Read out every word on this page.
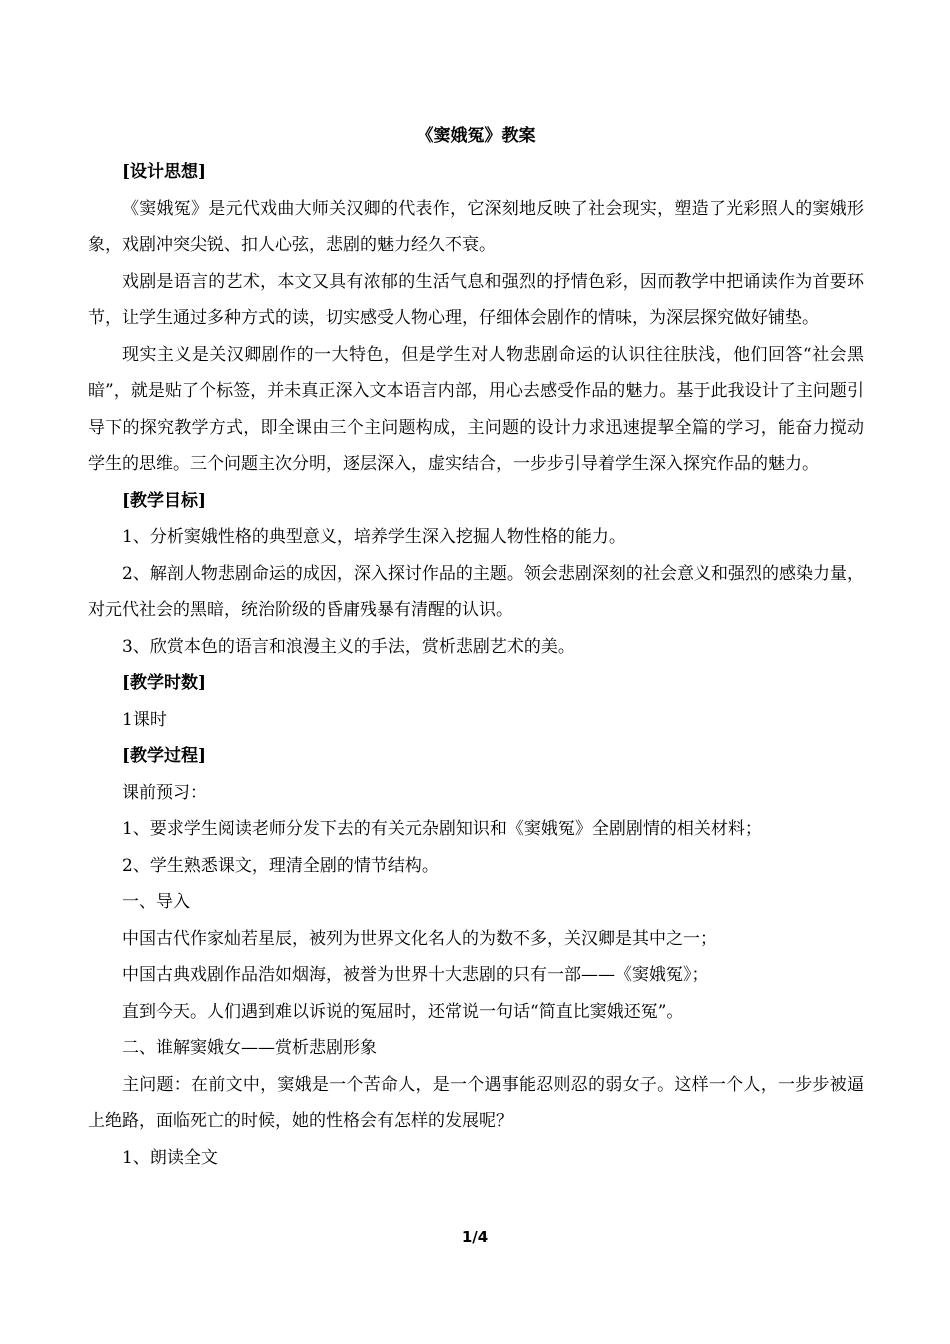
《窦娥冤》教案

[设计思想]

《窦娥冤》是元代戏曲大师关汉卿的代表作，它深刻地反映了社会现实，塑造了光彩照人的窦娥形象，戏剧冲突尖锐、扣人心弦，悲剧的魅力经久不衰。

戏剧是语言的艺术，本文又具有浓郁的生活气息和强烈的抒情色彩，因而教学中把诵读作为首要环节，让学生通过多种方式的读，切实感受人物心理，仔细体会剧作的情味，为深层探究做好铺垫。

现实主义是关汉卿剧作的一大特色，但是学生对人物悲剧命运的认识往往肤浅，他们回答“社会黑暗”，就是贴了个标签，并未真正深入文本语言内部，用心去感受作品的魅力。基于此我设计了主问题引导下的探究教学方式，即全课由三个主问题构成，主问题的设计力求迅速提挈全篇的学习，能奋力搅动学生的思维。三个问题主次分明，逐层深入，虚实结合，一步步引导着学生深入探究作品的魅力。

[教学目标]

1、分析窦娥性格的典型意义，培养学生深入挖掘人物性格的能力。

2、解剖人物悲剧命运的成因，深入探讨作品的主题。领会悲剧深刻的社会意义和强烈的感染力量，对元代社会的黑暗，统治阶级的昏庸残暴有清醒的认识。

3、欣赏本色的语言和浪漫主义的手法，赏析悲剧艺术的美。

[教学时数]

1课时

[教学过程]

课前预习：

1、要求学生阅读老师分发下去的有关元杂剧知识和《窦娥冤》全剧剧情的相关材料；

2、学生熟悉课文，理清全剧的情节结构。

一、导入

中国古代作家灿若星辰，被列为世界文化名人的为数不多，关汉卿是其中之一；

中国古典戏剧作品浩如烟海，被誉为世界十大悲剧的只有一部——《窦娥冤》；

直到今天。人们遇到难以诉说的冤屈时，还常说一句话“简直比窦娥还冤”。

二、谁解窦娥女——赏析悲剧形象

主问题：在前文中，窦娥是一个苦命人，是一个遇事能忍则忍的弱女子。这样一个人，一步步被逼上绝路，面临死亡的时候，她的性格会有怎样的发展呢？

1、朗读全文

1/4
